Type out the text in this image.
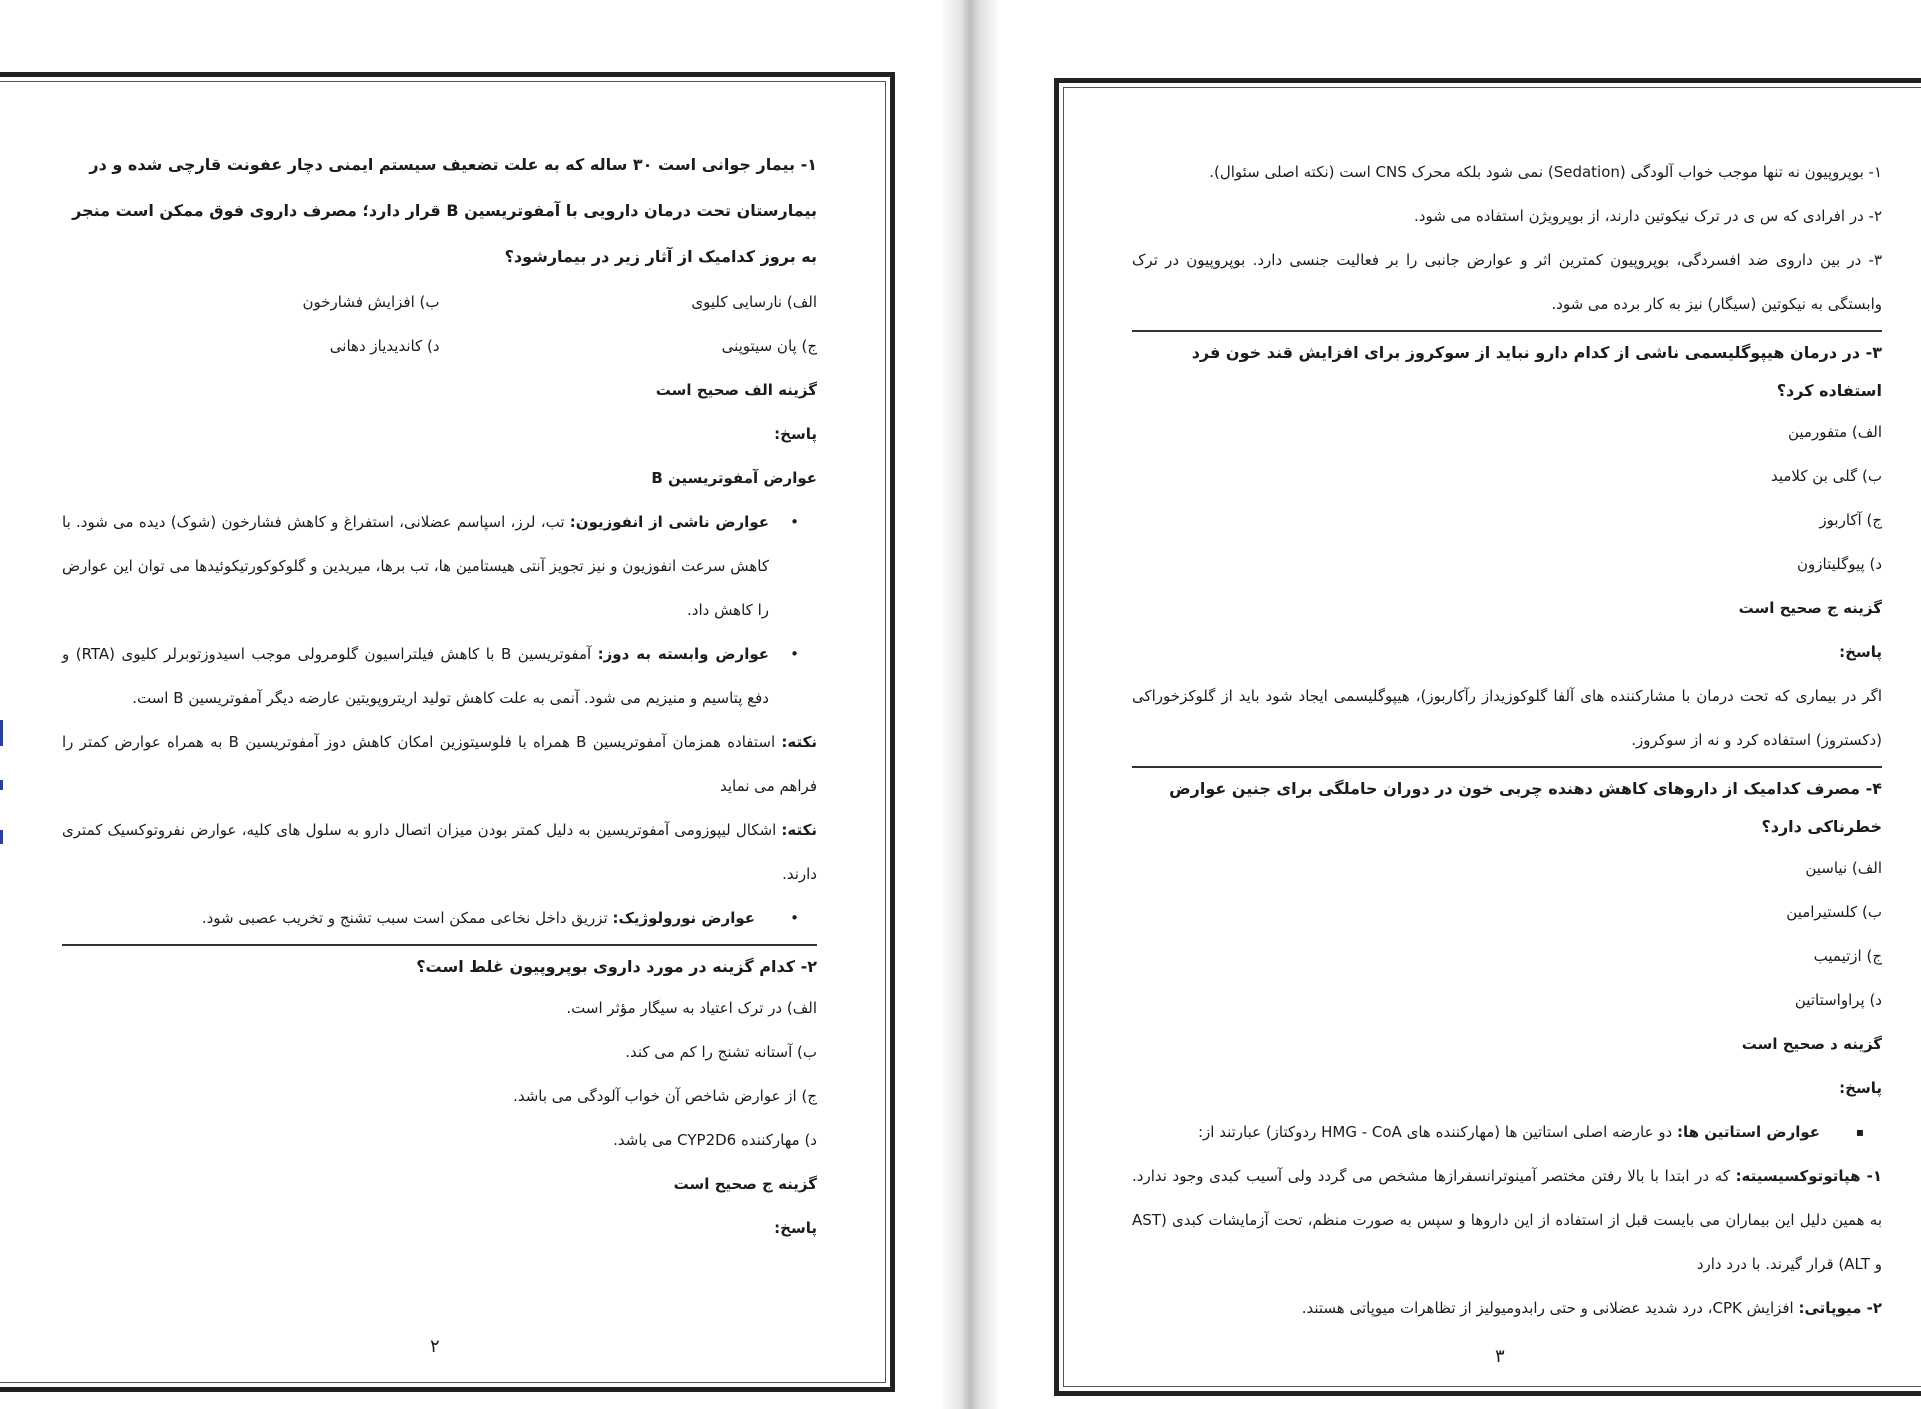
۱- بیمار جوانی است ۳۰ ساله که به علت تضعیف سیستم ایمنی دچار عفونت قارچی شده و در بیمارستان تحت درمان دارویی با آمفوتریسین B قرار دارد؛ مصرف داروی فوق ممکن است منجر به بروز کدامیک از آثار زیر در بیمارشود؟

الف) نارسایی کلیوی
ب) افزایش فشارخون
ج) پان سیتوپنی
د) کاندیدیاز دهانی

گزینه الف صحیح است

پاسخ:

عوارض آمفوتریسین B

• عوارض ناشی از انفوزیون: تب، لرز، اسپاسم عضلانی، استفراغ و کاهش فشارخون (شوک) دیده می شود. با کاهش سرعت انفوزیون و نیز تجویز آنتی هیستامین ها، تب برها، میریدین و گلوکوکورتیکوئیدها می توان این عوارض را کاهش داد.

• عوارض وابسته به دوز: آمفوتریسین B با کاهش فیلتراسیون گلومرولی موجب اسیدوزتوبرلر کلیوی (RTA) و دفع پتاسیم و منیزیم می شود. آنمی به علت کاهش تولید اریتروپویتین عارضه دیگر آمفوتریسین B است.

نکته: استفاده همزمان آمفوتریسین B همراه با فلوسیتوزین امکان کاهش دوز آمفوتریسین B به همراه عوارض کمتر را فراهم می نماید

نکته: اشکال لیپوزومی آمفوتریسین به دلیل کمتر بودن میزان اتصال دارو به سلول های کلیه، عوارض نفروتوکسیک کمتری دارند.

• عوارض نورولوژیک: تزریق داخل نخاعی ممکن است سبب تشنج و تخریب عصبی شود.

۲- کدام گزینه در مورد داروی بوپروپیون غلط است؟

الف) در ترک اعتیاد به سیگار مؤثر است.

ب) آستانه تشنج را کم می کند.

ج) از عوارض شاخص آن خواب آلودگی می باشد.

د) مهارکننده CYP2D6 می باشد.

گزینه ج صحیح است

پاسخ:

۲

۱- بوپروپیون نه تنها موجب خواب آلودگی (Sedation) نمی شود بلکه محرک CNS است (نکته اصلی سئوال).

۲- در افرادی که س ی در ترک نیکوتین دارند، از بوپرویژن استفاده می شود.

۳- در بین داروی ضد افسردگی، بوپروپیون کمترین اثر و عوارض جانبی را بر فعالیت جنسی دارد. بوپروپیون در ترک وابستگی به نیکوتین (سیگار) نیز به کار برده می شود.

۳- در درمان هیپوگلیسمی ناشی از کدام دارو نباید از سوکروز برای افزایش قند خون فرد استفاده کرد؟

الف) متفورمین

ب) گلی بن کلامید

ج) آکاربوز

د) پیوگلیتازون

گزینه ج صحیح است

پاسخ:

اگر در بیماری که تحت درمان با مشارکننده های آلفا گلوکوزیداز رآکاربوز)، هیپوگلیسمی ایجاد شود باید از گلوکزخوراکی (دکستروز) استفاده کرد و نه از سوکروز.

۴- مصرف کدامیک از داروهای کاهش دهنده چربی خون در دوران حاملگی برای جنین عوارض خطرناکی دارد؟

الف) نیاسین

ب) کلستیرامین

ج) ازتیمیب

د) پراواستاتین

گزینه د صحیح است

پاسخ:

▪ عوارض استاتین ها: دو عارضه اصلی استاتین ها (مهارکننده های HMG - CoA ردوکتاز) عبارتند از:

۱- هپاتوتوکسیسیته: که در ابتدا با بالا رفتن مختصر آمینوترانسفرازها مشخص می گردد ولی آسیب کبدی وجود ندارد. به همین دلیل این بیماران می بایست قبل از استفاده از این داروها و سپس به صورت منظم، تحت آزمایشات کبدی (AST و ALT) قرار گیرند. با درد دارد

۲- میوپاتی: افزایش CPK، درد شدید عضلانی و حتی رابدومیولیز از تظاهرات میوپاتی هستند.

۳
